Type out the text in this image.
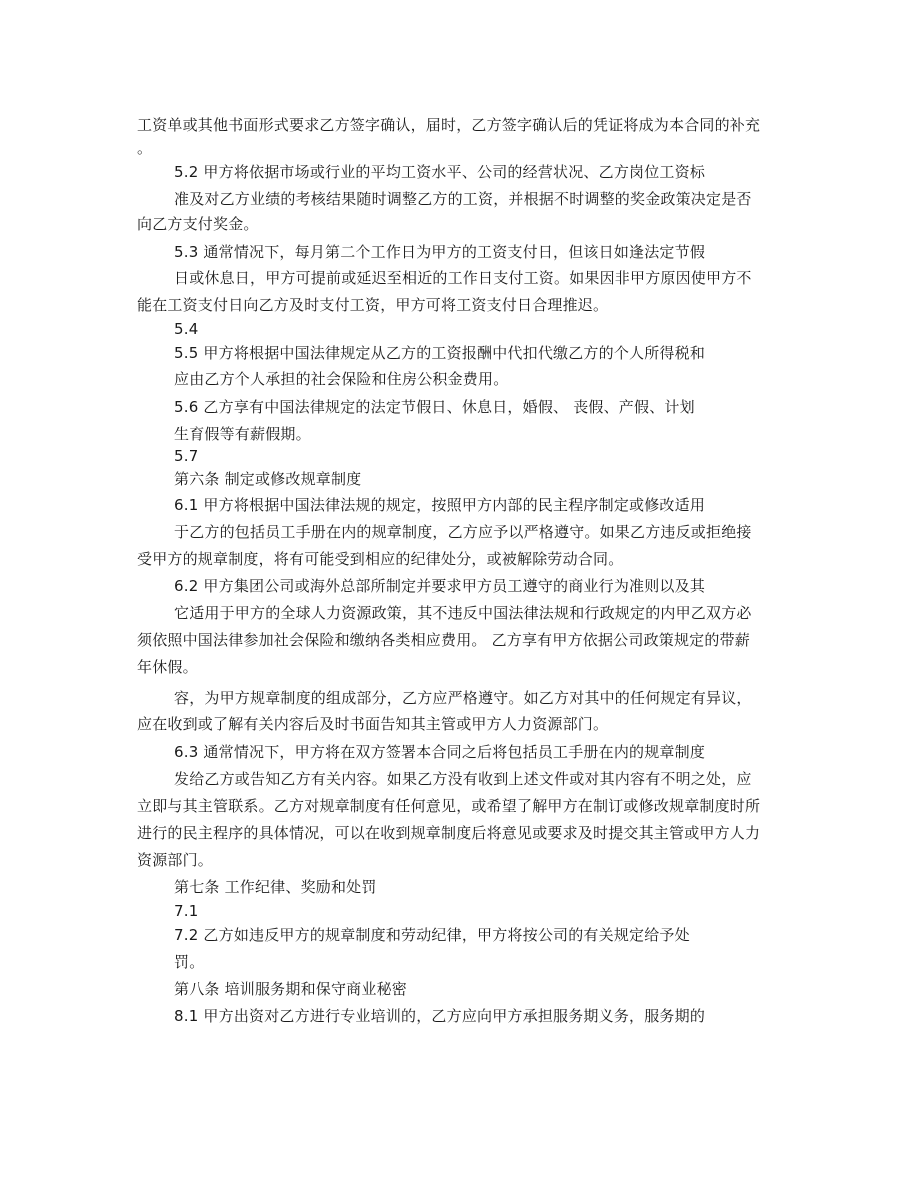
工资单或其他书面形式要求乙方签字确认，届时，乙方签字确认后的凭证将成为本合同的补充
。
5.2 甲方将依据市场或行业的平均工资水平、公司的经营状况、乙方岗位工资标
准及对乙方业绩的考核结果随时调整乙方的工资，并根据不时调整的奖金政策决定是否
向乙方支付奖金。
5.3 通常情况下，每月第二个工作日为甲方的工资支付日，但该日如逢法定节假
日或休息日，甲方可提前或延迟至相近的工作日支付工资。如果因非甲方原因使甲方不
能在工资支付日向乙方及时支付工资，甲方可将工资支付日合理推迟。
5.4
5.5 甲方将根据中国法律规定从乙方的工资报酬中代扣代缴乙方的个人所得税和
应由乙方个人承担的社会保险和住房公积金费用。
5.6 乙方享有中国法律规定的法定节假日、休息日，婚假、 丧假、产假、计划
生育假等有薪假期。
5.7
第六条 制定或修改规章制度
6.1 甲方将根据中国法律法规的规定，按照甲方内部的民主程序制定或修改适用
于乙方的包括员工手册在内的规章制度，乙方应予以严格遵守。如果乙方违反或拒绝接
受甲方的规章制度，将有可能受到相应的纪律处分，或被解除劳动合同。
6.2 甲方集团公司或海外总部所制定并要求甲方员工遵守的商业行为准则以及其
它适用于甲方的全球人力资源政策，其不违反中国法律法规和行政规定的内甲乙双方必
须依照中国法律参加社会保险和缴纳各类相应费用。 乙方享有甲方依据公司政策规定的带薪
年休假。
容，为甲方规章制度的组成部分，乙方应严格遵守。如乙方对其中的任何规定有异议，
应在收到或了解有关内容后及时书面告知其主管或甲方人力资源部门。
6.3 通常情况下，甲方将在双方签署本合同之后将包括员工手册在内的规章制度
发给乙方或告知乙方有关内容。如果乙方没有收到上述文件或对其内容有不明之处，应
立即与其主管联系。乙方对规章制度有任何意见，或希望了解甲方在制订或修改规章制度时所
进行的民主程序的具体情况，可以在收到规章制度后将意见或要求及时提交其主管或甲方人力
资源部门。
第七条 工作纪律、奖励和处罚
7.1
7.2 乙方如违反甲方的规章制度和劳动纪律，甲方将按公司的有关规定给予处
罚。
第八条 培训服务期和保守商业秘密
8.1 甲方出资对乙方进行专业培训的，乙方应向甲方承担服务期义务，服务期的
